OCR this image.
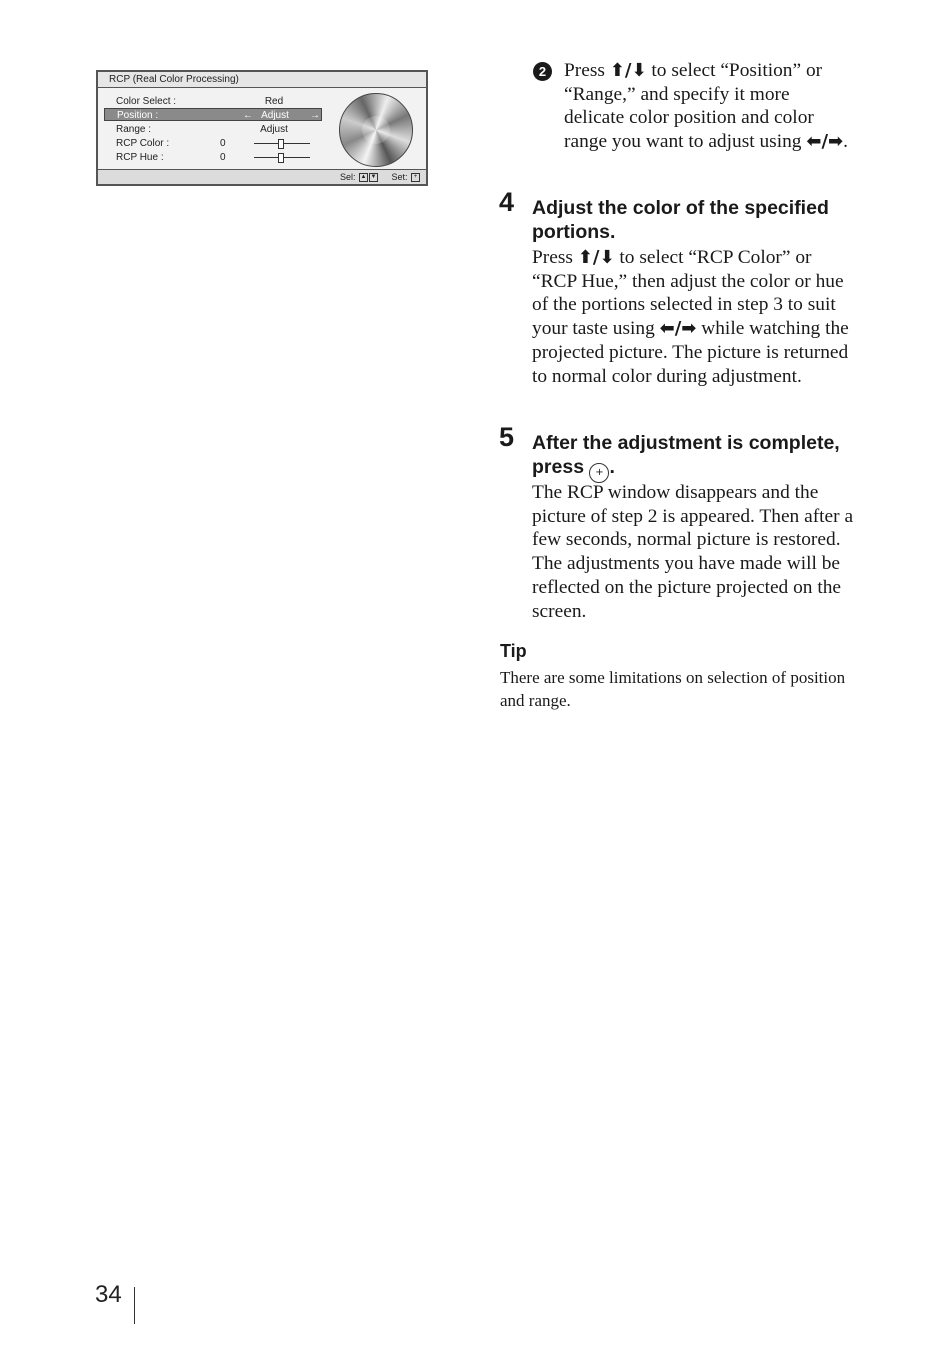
RCP (Real Color Processing)
Color Select :	Red
Position :	← Adjust →
Range :	Adjust
RCP Color :	0
RCP Hue :	0
Sel: ▲ ▼ Set: +
2 Press ⬆/⬇ to select “Position” or “Range,” and specify it more delicate color position and color range you want to adjust using ⬅/➡.
4 Adjust the color of the specified portions.
Press ⬆/⬇ to select “RCP Color” or “RCP Hue,” then adjust the color or hue of the portions selected in step 3 to suit your taste using ⬅/➡ while watching the projected picture. The picture is returned to normal color during adjustment.
5 After the adjustment is complete, press + .
The RCP window disappears and the picture of step 2 is appeared. Then after a few seconds, normal picture is restored. The adjustments you have made will be reflected on the picture projected on the screen.
Tip
There are some limitations on selection of position and range.
34
